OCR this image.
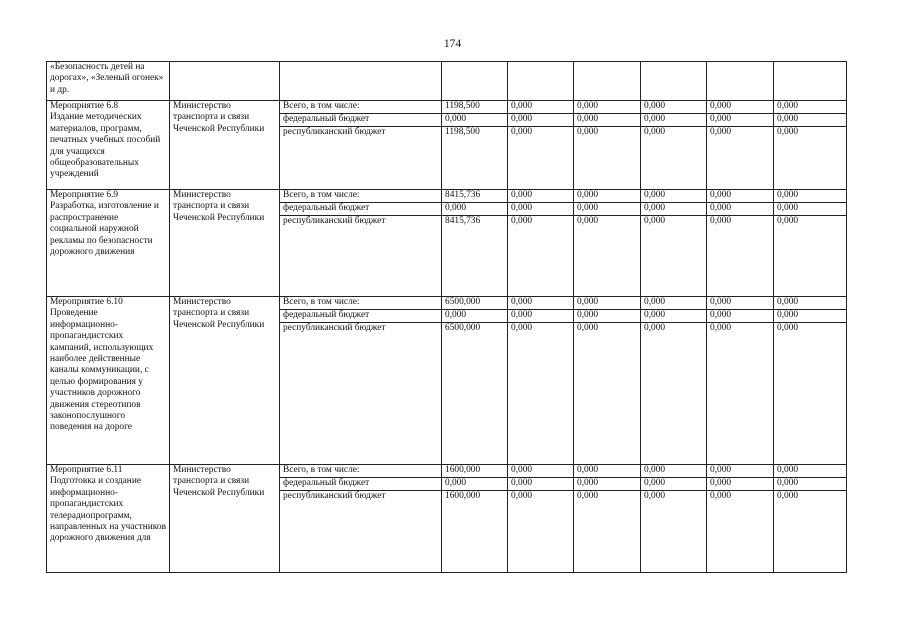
174
«Безопасность детей на дорогах», «Зеленый огонек» и др.								

Мероприятие 6.8
Издание методических материалов, программ, печатных учебных пособий для учащихся общеобразовательных учреждений	Министерство транспорта и связи Чеченской Республики	Всего, в том числе:	1198,500	0,000	0,000	0,000	0,000	0,000
		федеральный бюджет	0,000	0,000	0,000	0,000	0,000	0,000
		республиканский бюджет	1198,500	0,000	0,000	0,000	0,000	0,000

Мероприятие 6.9
Разработка, изготовление и распространение социальной наружной рекламы по безопасности дорожного движения	Министерство транспорта и связи Чеченской Республики	Всего, в том числе:	8415,736	0,000	0,000	0,000	0,000	0,000
		федеральный бюджет	0,000	0,000	0,000	0,000	0,000	0,000
		республиканский бюджет	8415,736	0,000	0,000	0,000	0,000	0,000

Мероприятие 6.10
Проведение информационно-пропагандистских кампаний, использующих наиболее действенные каналы коммуникации, с целью формирования у участников дорожного движения стереотипов законопослушного поведения на дороге	Министерство транспорта и связи Чеченской Республики	Всего, в том числе:	6500,000	0,000	0,000	0,000	0,000	0,000
		федеральный бюджет	0,000	0,000	0,000	0,000	0,000	0,000
		республиканский бюджет	6500,000	0,000	0,000	0,000	0,000	0,000

Мероприятие 6.11
Подготовка и создание информационно-пропагандистских телерадиопрограмм, направленных на участников дорожного движения для	Министерство транспорта и связи Чеченской Республики	Всего, в том числе:	1600,000	0,000	0,000	0,000	0,000	0,000
		федеральный бюджет	0,000	0,000	0,000	0,000	0,000	0,000
		республиканский бюджет	1600,000	0,000	0,000	0,000	0,000	0,000
